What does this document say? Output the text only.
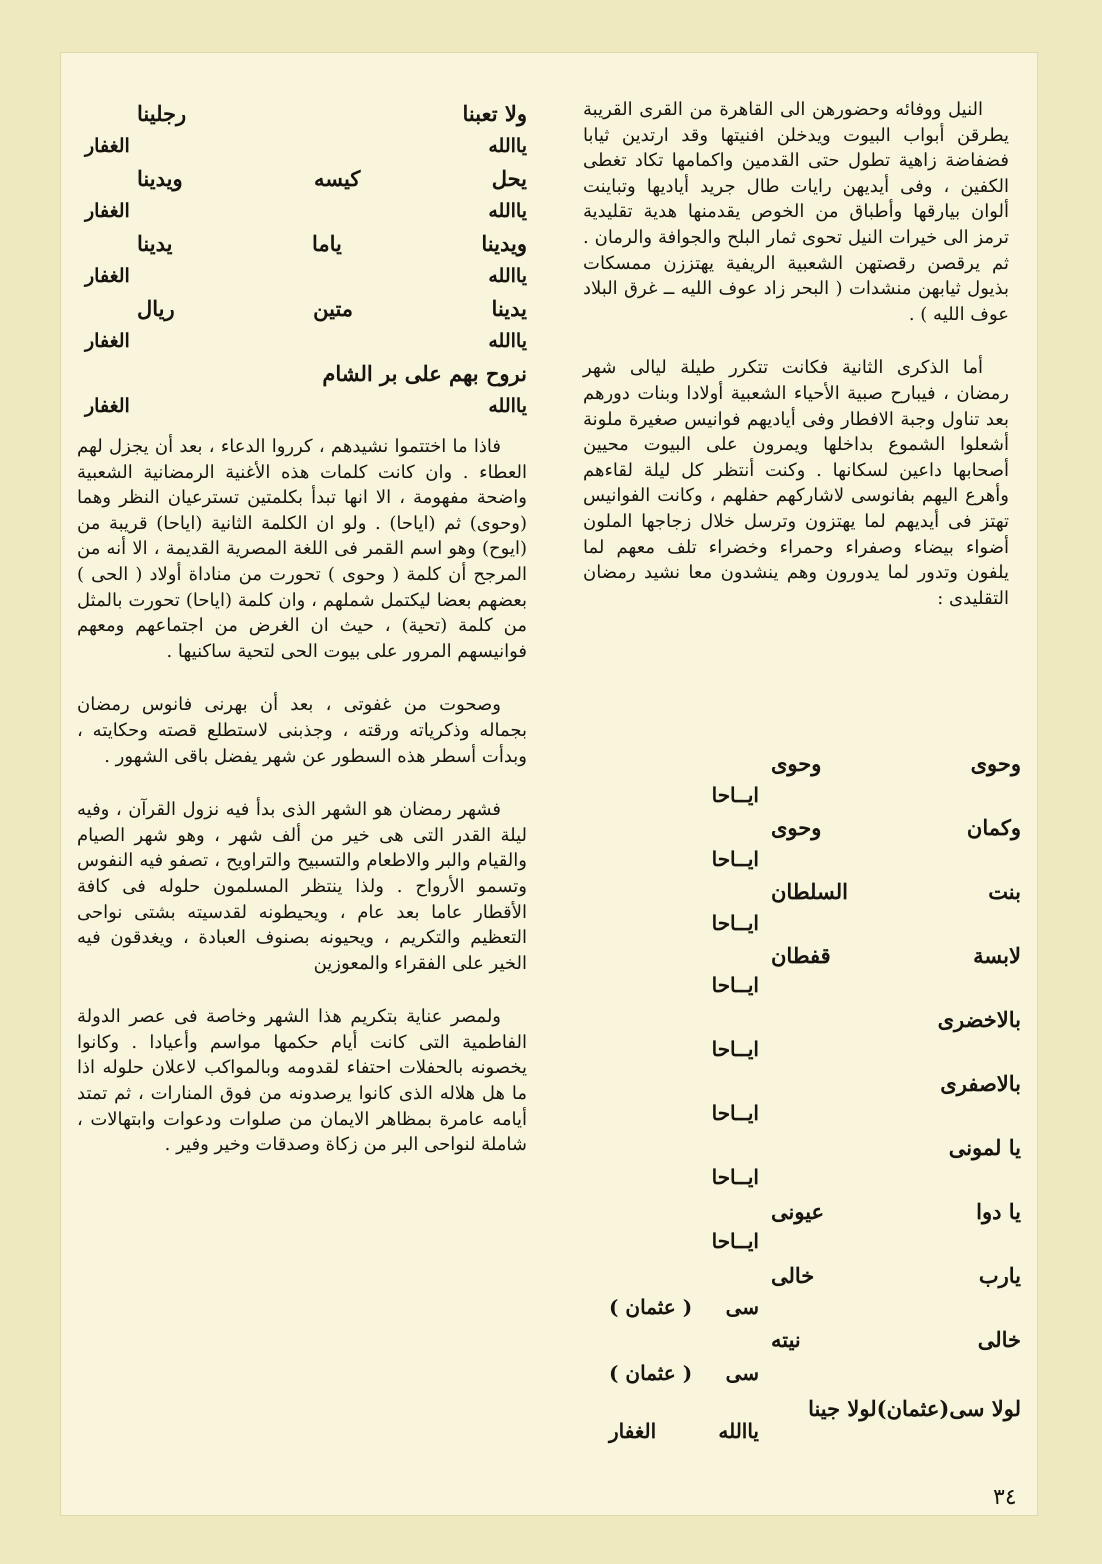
النيل ووفائه وحضورهن الى القاهرة من القرى القريبة يطرقن أبواب البيوت ويدخلن افنيتها وقد ارتدين ثيابا فضفاضة زاهية تطول حتى القدمين واكمامها تكاد تغطى الكفين ، وفى أيديهن رايات طال جريد أياديها وتباينت ألوان بيارقها وأطباق من الخوص يقدمنها هدية تقليدية ترمز الى خيرات النيل تحوى ثمار البلح والجوافة والرمان . ثم يرقصن رقصتهن الشعبية الريفية يهتززن ممسكات بذيول ثيابهن منشدات ( البحر زاد عوف الليه ــ غرق البلاد عوف الليه ) .

أما الذكرى الثانية فكانت تتكرر طيلة ليالى شهر رمضان ، فيبارح صبية الأحياء الشعبية أولادا وبنات دورهم بعد تناول وجبة الافطار وفى أياديهم فوانيس صغيرة ملونة أشعلوا الشموع بداخلها ويمرون على البيوت محيين أصحابها داعين لسكانها . وكنت أنتظر كل ليلة لقاءهم وأهرع اليهم بفانوسى لاشاركهم حفلهم ، وكانت الفوانيس تهتز فى أيديهم لما يهتزون وترسل خلال زجاجها الملون أضواء بيضاء وصفراء وحمراء وخضراء تلف معهم لما يلفون وتدور لما يدورون وهم ينشدون معا نشيد رمضان التقليدى :

ولا تعبنا
رجلينا
ياالله
الغفار
يحل
كيسه
ويدينا
ياالله
الغفار
ويدينا
ياما
يدينا
ياالله
الغفار
يدينا
متين
ريال
ياالله
الغفار
نروح بهم على بر الشام
ياالله
الغفار

فاذا ما اختتموا نشيدهم ، كرروا الدعاء ، بعد أن يجزل لهم العطاء . وان كانت كلمات هذه الأغنية الرمضانية الشعبية واضحة مفهومة ، الا انها تبدأ بكلمتين تسترعيان النظر وهما (وحوى) ثم (اياحا) . ولو ان الكلمة الثانية (اياحا) قريبة من (ايوح) وهو اسم القمر فى اللغة المصرية القديمة ، الا أنه من المرجح أن كلمة ( وحوى ) تحورت من مناداة أولاد ( الحى ) بعضهم بعضا ليكتمل شملهم ، وان كلمة (اياحا) تحورت بالمثل من كلمة (تحية) ، حيث ان الغرض من اجتماعهم ومعهم فوانيسهم المرور على بيوت الحى لتحية ساكنيها .

وصحوت من غفوتى ، بعد أن بهرنى فانوس رمضان بجماله وذكرياته ورقته ، وجذبنى لاستطلع قصته وحكايته ، وبدأت أسطر هذه السطور عن شهر يفضل باقى الشهور .

فشهر رمضان هو الشهر الذى بدأ فيه نزول القرآن ، وفيه ليلة القدر التى هى خير من ألف شهر ، وهو شهر الصيام والقيام والبر والاطعام والتسبيح والتراويح ، تصفو فيه النفوس وتسمو الأرواح . ولذا ينتظر المسلمون حلوله فى كافة الأقطار عاما بعد عام ، ويحيطونه لقدسيته بشتى نواحى التعظيم والتكريم ، ويحيونه بصنوف العبادة ، ويغدقون فيه الخير على الفقراء والمعوزين

ولمصر عناية بتكريم هذا الشهر وخاصة فى عصر الدولة الفاطمية التى كانت أيام حكمها مواسم وأعيادا . وكانوا يخصونه بالحفلات احتفاء لقدومه وبالمواكب لاعلان حلوله اذا ما هل هلاله الذى كانوا يرصدونه من فوق المنارات ، ثم تمتد أيامه عامرة بمظاهر الايمان من صلوات ودعوات وابتهالات ، شاملة لنواحى البر من زكاة وصدقات وخير وفير .

وحوى
وحوى
وكمان
وحوى
بنت
السلطان
لابسة
قفطان
بالاخضرى
بالاصفرى
يا لمونى
يا دوا
عيونى
يارب
خالى
خالى
نيته
لولا سى(عثمان)لولا جينا
ايــاحا
ايــاحا
ايــاحا
ايــاحا
ايــاحا
ايــاحا
ايــاحا
ايــاحا
سى
( عثمان )
سى
( عثمان )
ياالله
الغفار
٣٤
